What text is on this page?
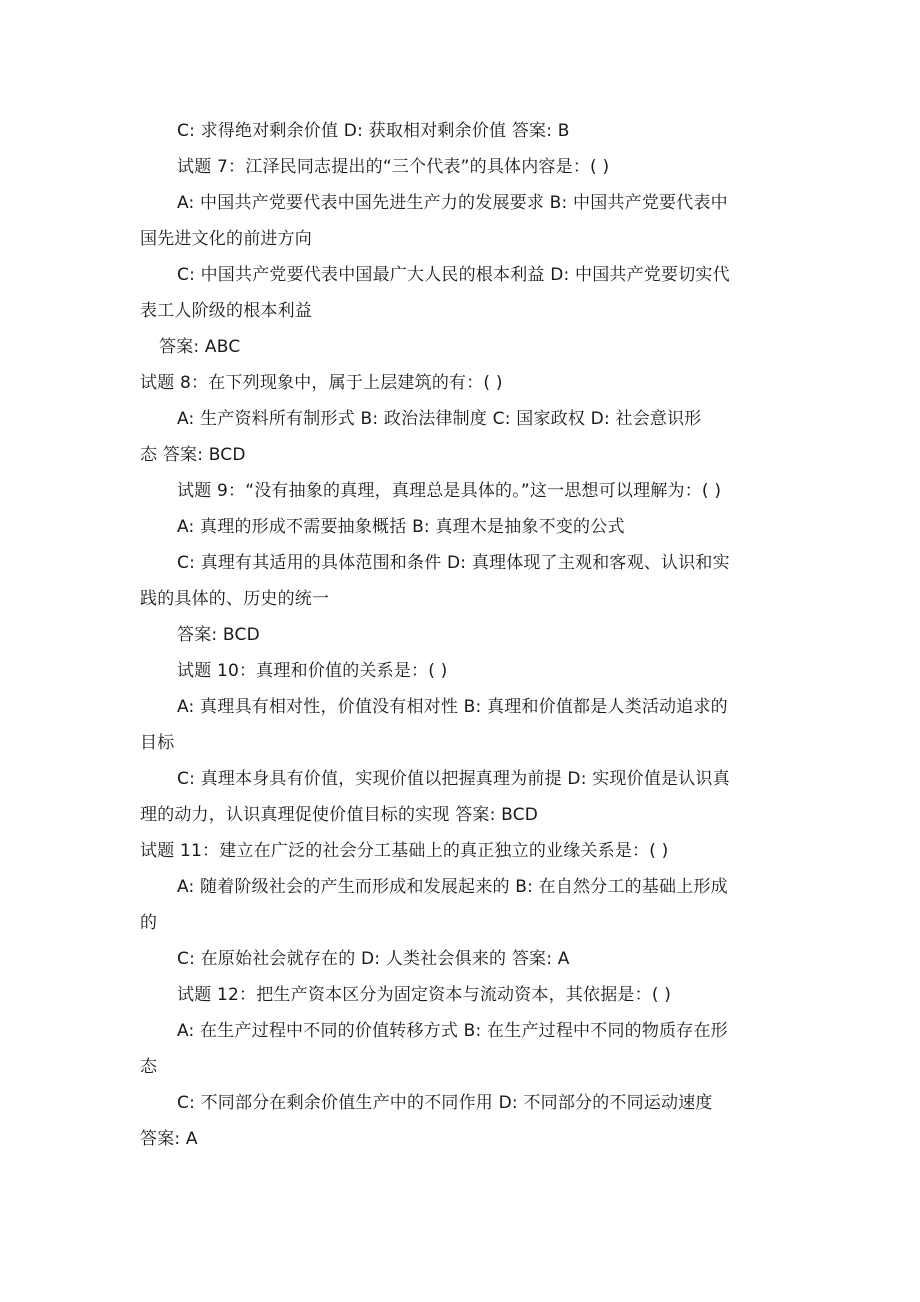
C: 求得绝对剩余价值 D: 获取相对剩余价值 答案: B
试题 7：江泽民同志提出的“三个代表”的具体内容是：( )
A: 中国共产党要代表中国先进生产力的发展要求 B: 中国共产党要代表中
国先进文化的前进方向
C: 中国共产党要代表中国最广大人民的根本利益 D: 中国共产党要切实代
表工人阶级的根本利益
答案: ABC
试题 8：在下列现象中，属于上层建筑的有：( )
A: 生产资料所有制形式 B: 政治法律制度 C: 国家政权 D: 社会意识形
态 答案: BCD
试题 9：“没有抽象的真理，真理总是具体的。”这一思想可以理解为：( )
A: 真理的形成不需要抽象概括 B: 真理木是抽象不变的公式
C: 真理有其适用的具体范围和条件 D: 真理体现了主观和客观、认识和实
践的具体的、历史的统一
答案: BCD
试题 10：真理和价值的关系是：( )
A: 真理具有相对性，价值没有相对性 B: 真理和价值都是人类活动追求的
目标
C: 真理本身具有价值，实现价值以把握真理为前提 D: 实现价值是认识真
理的动力，认识真理促使价值目标的实现 答案: BCD
试题 11：建立在广泛的社会分工基础上的真正独立的业缘关系是：( )
A: 随着阶级社会的产生而形成和发展起来的 B: 在自然分工的基础上形成
的
C: 在原始社会就存在的 D: 人类社会俱来的 答案: A
试题 12：把生产资本区分为固定资本与流动资本，其依据是：( )
A: 在生产过程中不同的价值转移方式 B: 在生产过程中不同的物质存在形
态
C: 不同部分在剩余价值生产中的不同作用 D: 不同部分的不同运动速度
答案: A
